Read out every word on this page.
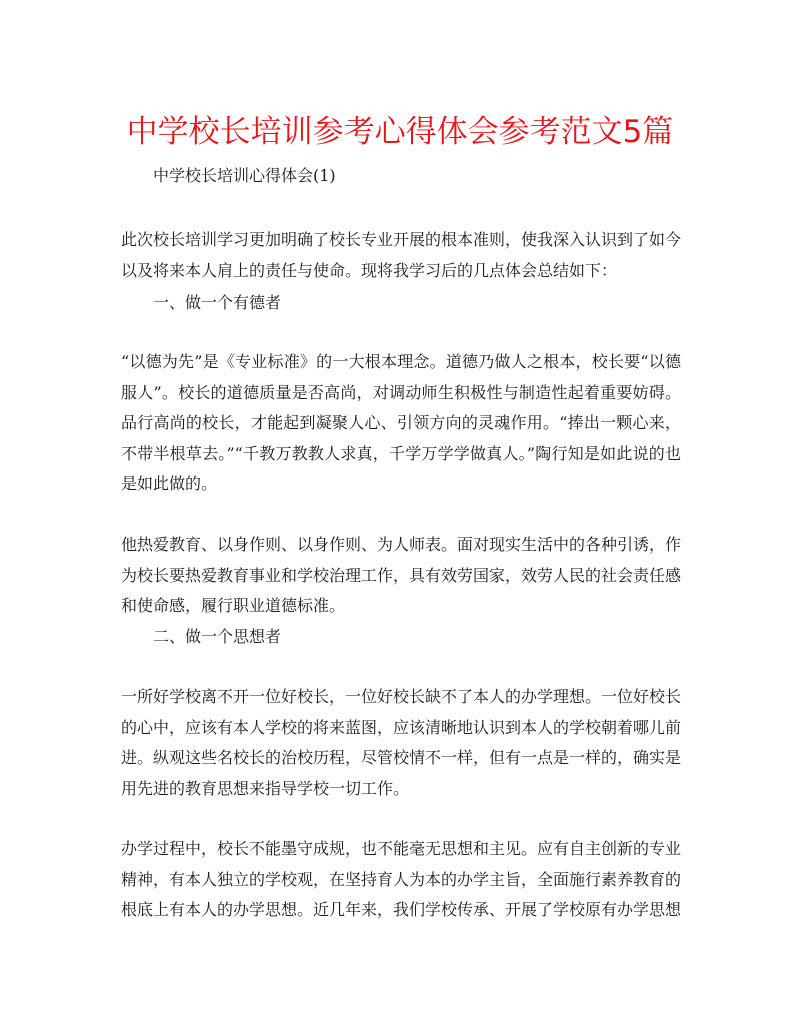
中学校长培训参考心得体会参考范文5篇

中学校长培训心得体会(1)

此次校长培训学习更加明确了校长专业开展的根本准则，使我深入认识到了如今以及将来本人肩上的责任与使命。现将我学习后的几点体会总结如下：

一、做一个有德者

“以德为先”是《专业标准》的一大根本理念。道德乃做人之根本，校长要“以德服人”。校长的道德质量是否高尚，对调动师生积极性与制造性起着重要妨碍。品行高尚的校长，才能起到凝聚人心、引领方向的灵魂作用。“捧出一颗心来，不带半根草去。”“千教万教教人求真，千学万学学做真人。”陶行知是如此说的也是如此做的。

他热爱教育、以身作则、以身作则、为人师表。面对现实生活中的各种引诱，作为校长要热爱教育事业和学校治理工作，具有效劳国家，效劳人民的社会责任感和使命感，履行职业道德标准。

二、做一个思想者

一所好学校离不开一位好校长，一位好校长缺不了本人的办学理想。一位好校长的心中，应该有本人学校的将来蓝图，应该清晰地认识到本人的学校朝着哪儿前进。纵观这些名校长的治校历程，尽管校情不一样，但有一点是一样的，确实是用先进的教育思想来指导学校一切工作。

办学过程中，校长不能墨守成规，也不能毫无思想和主见。应有自主创新的专业精神，有本人独立的学校观，在坚持育人为本的办学主旨，全面施行素养教育的根底上有本人的办学思想。近几年来，我们学校传承、开展了学校原有办学思想
